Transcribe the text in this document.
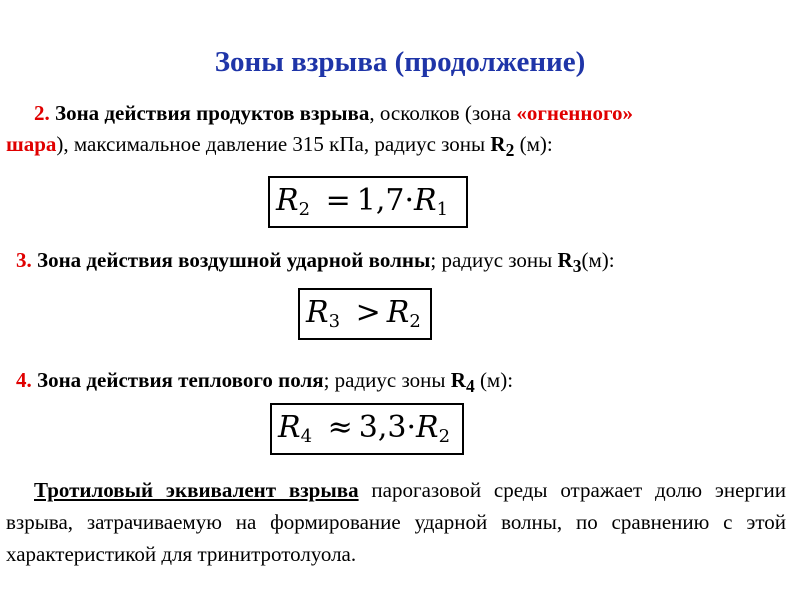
Зоны взрыва (продолжение)
2. Зона действия продуктов взрыва, осколков (зона «огненного»
шара), максимальное давление 315 кПа, радиус зоны $R_2$ (м):
$R_2 = 1,7\cdot R_1$
3. Зона действия воздушной ударной волны; радиус зоны $R_3(м)$:
$R_3 > R_2$
4. Зона действия теплового поля; радиус зоны $R_4$ (м):
$R_4 \approx 3,3\cdot R_2$
Тротиловый эквивалент взрыва парогазовой среды отражает долю энергии взрыва, затрачиваемую на формирование ударной волны, по сравнению с этой характеристикой для тринитротолуола.
